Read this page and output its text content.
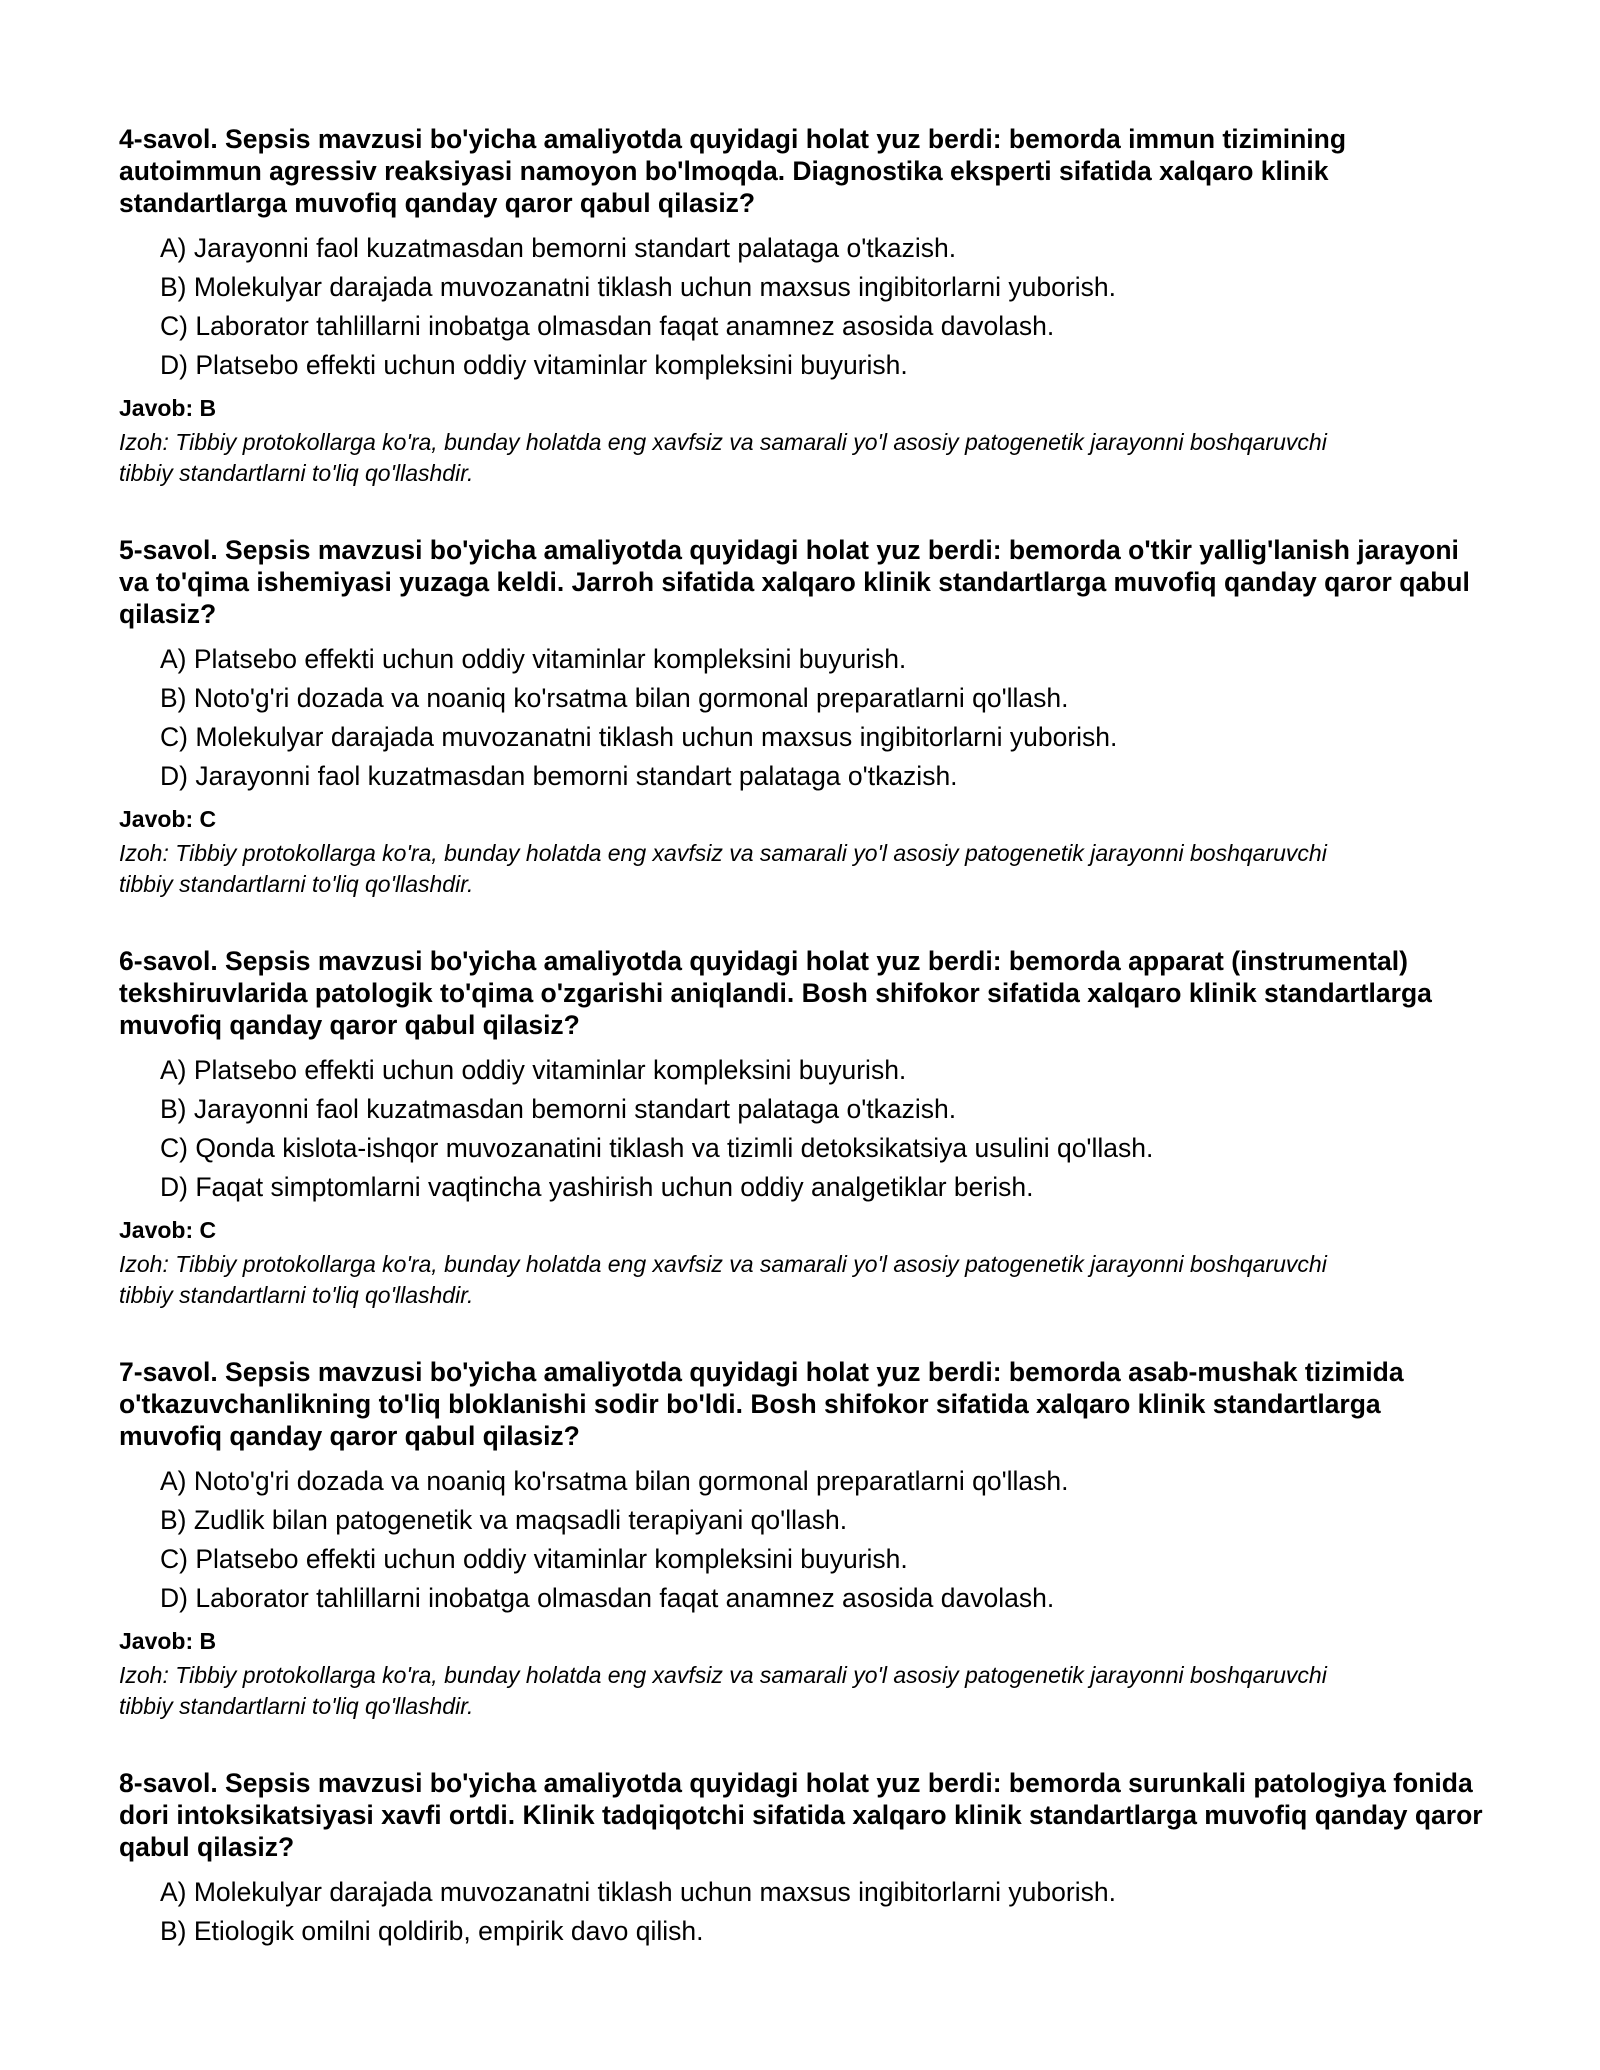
4-savol. Sepsis mavzusi bo'yicha amaliyotda quyidagi holat yuz berdi: bemorda immun tizimining autoimmun agressiv reaksiyasi namoyon bo'lmoqda. Diagnostika eksperti sifatida xalqaro klinik standartlarga muvofiq qanday qaror qabul qilasiz?

A) Jarayonni faol kuzatmasdan bemorni standart palataga o'tkazish.
B) Molekulyar darajada muvozanatni tiklash uchun maxsus ingibitorlarni yuborish.
C) Laborator tahlillarni inobatga olmasdan faqat anamnez asosida davolash.
D) Platsebo effekti uchun oddiy vitaminlar kompleksini buyurish.

Javob: B

Izoh: Tibbiy protokollarga ko'ra, bunday holatda eng xavfsiz va samarali yo'l asosiy patogenetik jarayonni boshqaruvchi tibbiy standartlarni to'liq qo'llashdir.

5-savol. Sepsis mavzusi bo'yicha amaliyotda quyidagi holat yuz berdi: bemorda o'tkir yallig'lanish jarayoni va to'qima ishemiyasi yuzaga keldi. Jarroh sifatida xalqaro klinik standartlarga muvofiq qanday qaror qabul qilasiz?

A) Platsebo effekti uchun oddiy vitaminlar kompleksini buyurish.
B) Noto'g'ri dozada va noaniq ko'rsatma bilan gormonal preparatlarni qo'llash.
C) Molekulyar darajada muvozanatni tiklash uchun maxsus ingibitorlarni yuborish.
D) Jarayonni faol kuzatmasdan bemorni standart palataga o'tkazish.

Javob: C

Izoh: Tibbiy protokollarga ko'ra, bunday holatda eng xavfsiz va samarali yo'l asosiy patogenetik jarayonni boshqaruvchi tibbiy standartlarni to'liq qo'llashdir.

6-savol. Sepsis mavzusi bo'yicha amaliyotda quyidagi holat yuz berdi: bemorda apparat (instrumental) tekshiruvlarida patologik to'qima o'zgarishi aniqlandi. Bosh shifokor sifatida xalqaro klinik standartlarga muvofiq qanday qaror qabul qilasiz?

A) Platsebo effekti uchun oddiy vitaminlar kompleksini buyurish.
B) Jarayonni faol kuzatmasdan bemorni standart palataga o'tkazish.
C) Qonda kislota-ishqor muvozanatini tiklash va tizimli detoksikatsiya usulini qo'llash.
D) Faqat simptomlarni vaqtincha yashirish uchun oddiy analgetiklar berish.

Javob: C

Izoh: Tibbiy protokollarga ko'ra, bunday holatda eng xavfsiz va samarali yo'l asosiy patogenetik jarayonni boshqaruvchi tibbiy standartlarni to'liq qo'llashdir.

7-savol. Sepsis mavzusi bo'yicha amaliyotda quyidagi holat yuz berdi: bemorda asab-mushak tizimida o'tkazuvchanlikning to'liq bloklanishi sodir bo'ldi. Bosh shifokor sifatida xalqaro klinik standartlarga muvofiq qanday qaror qabul qilasiz?

A) Noto'g'ri dozada va noaniq ko'rsatma bilan gormonal preparatlarni qo'llash.
B) Zudlik bilan patogenetik va maqsadli terapiyani qo'llash.
C) Platsebo effekti uchun oddiy vitaminlar kompleksini buyurish.
D) Laborator tahlillarni inobatga olmasdan faqat anamnez asosida davolash.

Javob: B

Izoh: Tibbiy protokollarga ko'ra, bunday holatda eng xavfsiz va samarali yo'l asosiy patogenetik jarayonni boshqaruvchi tibbiy standartlarni to'liq qo'llashdir.

8-savol. Sepsis mavzusi bo'yicha amaliyotda quyidagi holat yuz berdi: bemorda surunkali patologiya fonida dori intoksikatsiyasi xavfi ortdi. Klinik tadqiqotchi sifatida xalqaro klinik standartlarga muvofiq qanday qaror qabul qilasiz?

A) Molekulyar darajada muvozanatni tiklash uchun maxsus ingibitorlarni yuborish.
B) Etiologik omilni qoldirib, empirik davo qilish.
